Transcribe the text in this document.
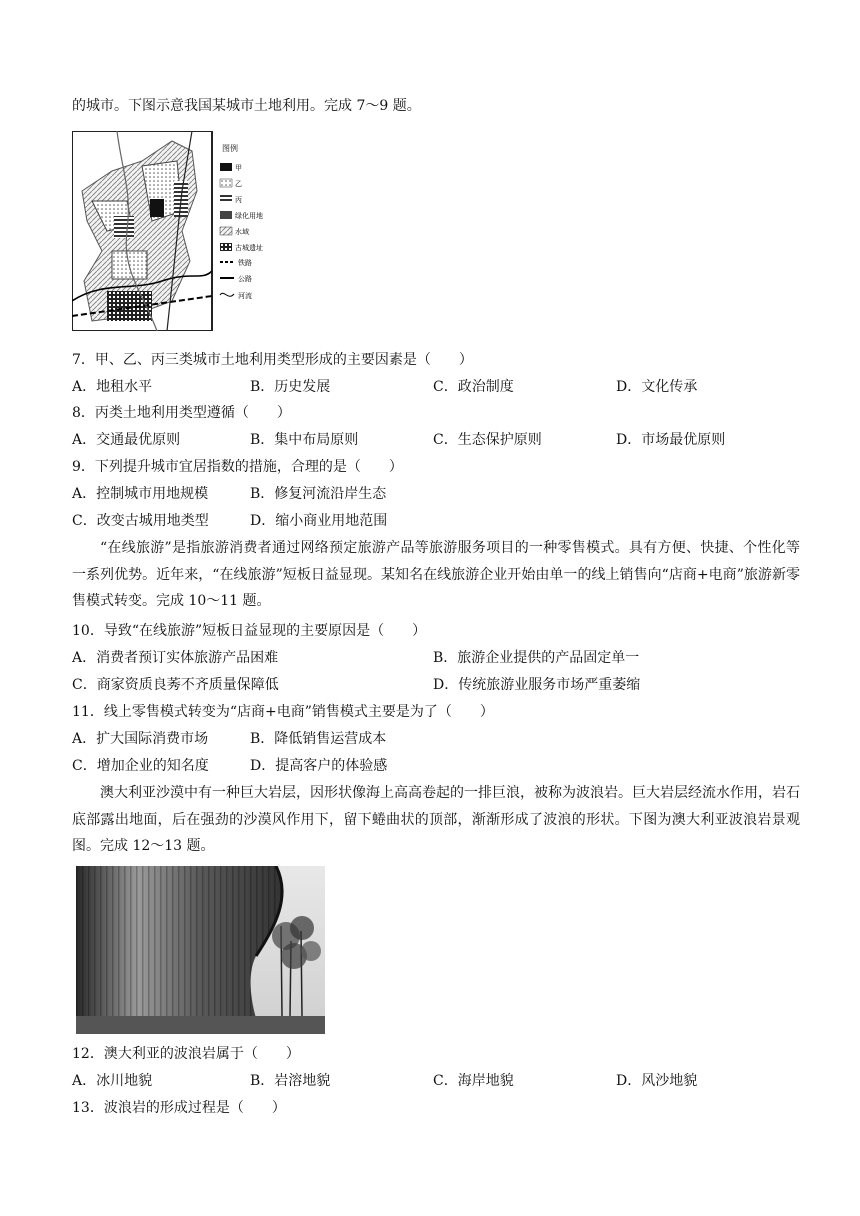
的城市。下图示意我国某城市土地利用。完成 7～9 题。
图例
甲
乙
丙
绿化用地
水域
古城遗址
铁路
公路
河流
7．甲、乙、丙三类城市土地利用类型形成的主要因素是（　　）
A．地租水平	B．历史发展	C．政治制度	D．文化传承
8．丙类土地利用类型遵循（　　）
A．交通最优原则	B．集中布局原则	C．生态保护原则	D．市场最优原则
9．下列提升城市宜居指数的措施，合理的是（　　）
A．控制城市用地规模	B．修复河流沿岸生态
C．改变古城用地类型	D．缩小商业用地范围
“在线旅游”是指旅游消费者通过网络预定旅游产品等旅游服务项目的一种零售模式。具有方便、快捷、个性化等一系列优势。近年来，“在线旅游”短板日益显现。某知名在线旅游企业开始由单一的线上销售向“店商+电商”旅游新零售模式转变。完成 10～11 题。
10．导致“在线旅游”短板日益显现的主要原因是（　　）
A．消费者预订实体旅游产品困难	B．旅游企业提供的产品固定单一
C．商家资质良莠不齐质量保障低	D．传统旅游业服务市场严重萎缩
11．线上零售模式转变为“店商+电商”销售模式主要是为了（　　）
A．扩大国际消费市场	B．降低销售运营成本
C．增加企业的知名度	D．提高客户的体验感
澳大利亚沙漠中有一种巨大岩层，因形状像海上高高卷起的一排巨浪，被称为波浪岩。巨大岩层经流水作用，岩石底部露出地面，后在强劲的沙漠风作用下，留下蜷曲状的顶部，渐渐形成了波浪的形状。下图为澳大利亚波浪岩景观图。完成 12～13 题。
12．澳大利亚的波浪岩属于（　　）
A．冰川地貌	B．岩溶地貌	C．海岸地貌	D．风沙地貌
13．波浪岩的形成过程是（　　）
